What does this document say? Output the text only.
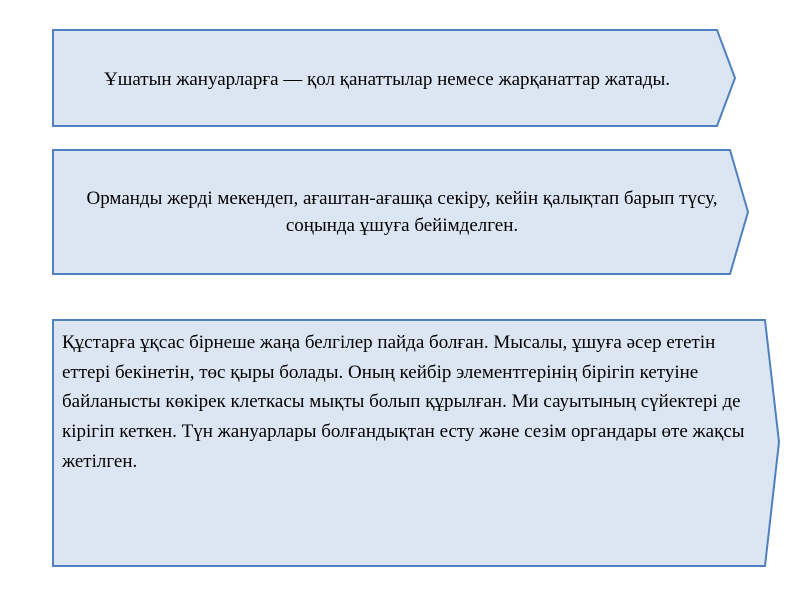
Ұшатын жануарларға — қол қанаттылар немесе жарқанаттар жатады.
Орманды жерді мекендеп, ағаштан-ағашқа секіру, кейін қалықтап барып түсу, соңында ұшуға бейімделген.
Құстарға ұқсас бірнеше жаңа белгілер пайда болған. Мысалы, ұшуға әсер ететін еттері бекінетін, төс қыры болады. Оның кейбір элементгерінің бірігіп кетуіне байланысты көкірек клеткасы мықты болып құрылған. Ми сауытының сүйектері де кірігіп кеткен. Түн жануарлары болғандықтан есту және сезім органдары өте жақсы жетілген.
